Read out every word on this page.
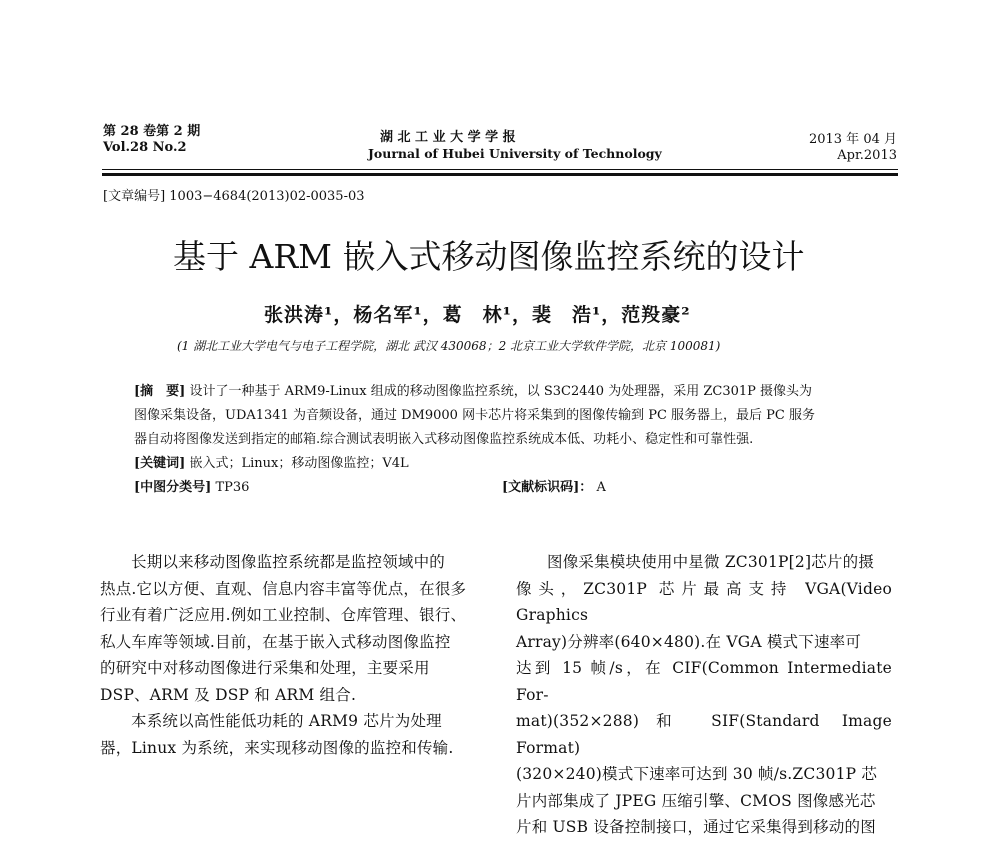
第 28 卷第 2 期
Vol.28 No.2
湖 北 工 业 大 学 学 报
Journal of Hubei University of Technology
2013 年 04 月
Apr.2013
[文章编号] 1003−4684(2013)02-0035-03
基于 ARM 嵌入式移动图像监控系统的设计
张洪涛¹，杨名军¹，葛　林¹，裴　浩¹，范羖豪²
(1 湖北工业大学电气与电子工程学院，湖北 武汉 430068；2 北京工业大学软件学院，北京 100081)

[摘　要] 设计了一种基于 ARM9-Linux 组成的移动图像监控系统，以 S3C2440 为处理器，采用 ZC301P 摄像头为

图像采集设备，UDA1341 为音频设备，通过 DM9000 网卡芯片将采集到的图像传输到 PC 服务器上，最后 PC 服务

器自动将图像发送到指定的邮箱.综合测试表明嵌入式移动图像监控系统成本低、功耗小、稳定性和可靠性强.

[关键词] 嵌入式；Linux；移动图像监控；V4L

[中图分类号] TP36	[文献标识码]： A

长期以来移动图像监控系统都是监控领域中的

热点.它以方便、直观、信息内容丰富等优点，在很多

行业有着广泛应用.例如工业控制、仓库管理、银行、

私人车库等领域.目前，在基于嵌入式移动图像监控

的研究中对移动图像进行采集和处理，主要采用

DSP、ARM 及 DSP 和 ARM 组合.

本系统以高性能低功耗的 ARM9 芯片为处理

器，Linux 为系统，来实现移动图像的监控和传输.

图像采集模块使用中星微 ZC301P[2]芯片的摄

像头，ZC301P 芯片最高支持 VGA(Video Graphics

Array)分辨率(640×480).在 VGA 模式下速率可

达到 15 帧/s，在 CIF(Common Intermediate For-

mat)(352×288)和 SIF(Standard Image Format)

(320×240)模式下速率可达到 30 帧/s.ZC301P 芯

片内部集成了 JPEG 压缩引擎、CMOS 图像感光芯

片和 USB 设备控制接口，通过它采集得到移动的图
